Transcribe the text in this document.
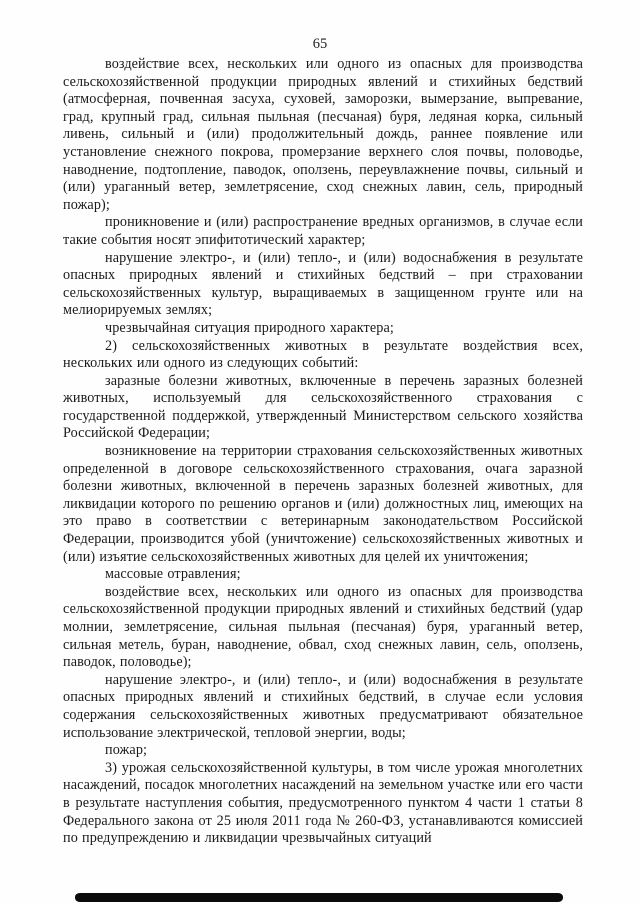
65

воздействие всех, нескольких или одного из опасных для производства сельскохозяйственной продукции природных явлений и стихийных бедствий (атмосферная, почвенная засуха, суховей, заморозки, вымерзание, выпревание, град, крупный град, сильная пыльная (песчаная) буря, ледяная корка, сильный ливень, сильный и (или) продолжительный дождь, раннее появление или установление снежного покрова, промерзание верхнего слоя почвы, половодье, наводнение, подтопление, паводок, оползень, переувлажнение почвы, сильный и (или) ураганный ветер, землетрясение, сход снежных лавин, сель, природный пожар);

проникновение и (или) распространение вредных организмов, в случае если такие события носят эпифитотический характер;

нарушение электро-, и (или) тепло-, и (или) водоснабжения в результате опасных природных явлений и стихийных бедствий – при страховании сельскохозяйственных культур, выращиваемых в защищенном грунте или на мелиорируемых землях;

чрезвычайная ситуация природного характера;

2) сельскохозяйственных животных в результате воздействия всех, нескольких или одного из следующих событий:

заразные болезни животных, включенные в перечень заразных болезней животных, используемый для сельскохозяйственного страхования с государственной поддержкой, утвержденный Министерством сельского хозяйства Российской Федерации;

возникновение на территории страхования сельскохозяйственных животных определенной в договоре сельскохозяйственного страхования, очага заразной болезни животных, включенной в перечень заразных болезней животных, для ликвидации которого по решению органов и (или) должностных лиц, имеющих на это право в соответствии с ветеринарным законодательством Российской Федерации, производится убой (уничтожение) сельскохозяйственных животных и (или) изъятие сельскохозяйственных животных для целей их уничтожения;

массовые отравления;

воздействие всех, нескольких или одного из опасных для производства сельскохозяйственной продукции природных явлений и стихийных бедствий (удар молнии, землетрясение, сильная пыльная (песчаная) буря, ураганный ветер, сильная метель, буран, наводнение, обвал, сход снежных лавин, сель, оползень, паводок, половодье);

нарушение электро-, и (или) тепло-, и (или) водоснабжения в результате опасных природных явлений и стихийных бедствий, в случае если условия содержания сельскохозяйственных животных предусматривают обязательное использование электрической, тепловой энергии, воды;

пожар;

3) урожая сельскохозяйственной культуры, в том числе урожая многолетних насаждений, посадок многолетних насаждений на земельном участке или его части в результате наступления события, предусмотренного пунктом 4 части 1 статьи 8 Федерального закона от 25 июля 2011 года № 260-ФЗ, устанавливаются комиссией по предупреждению и ликвидации чрезвычайных ситуаций
